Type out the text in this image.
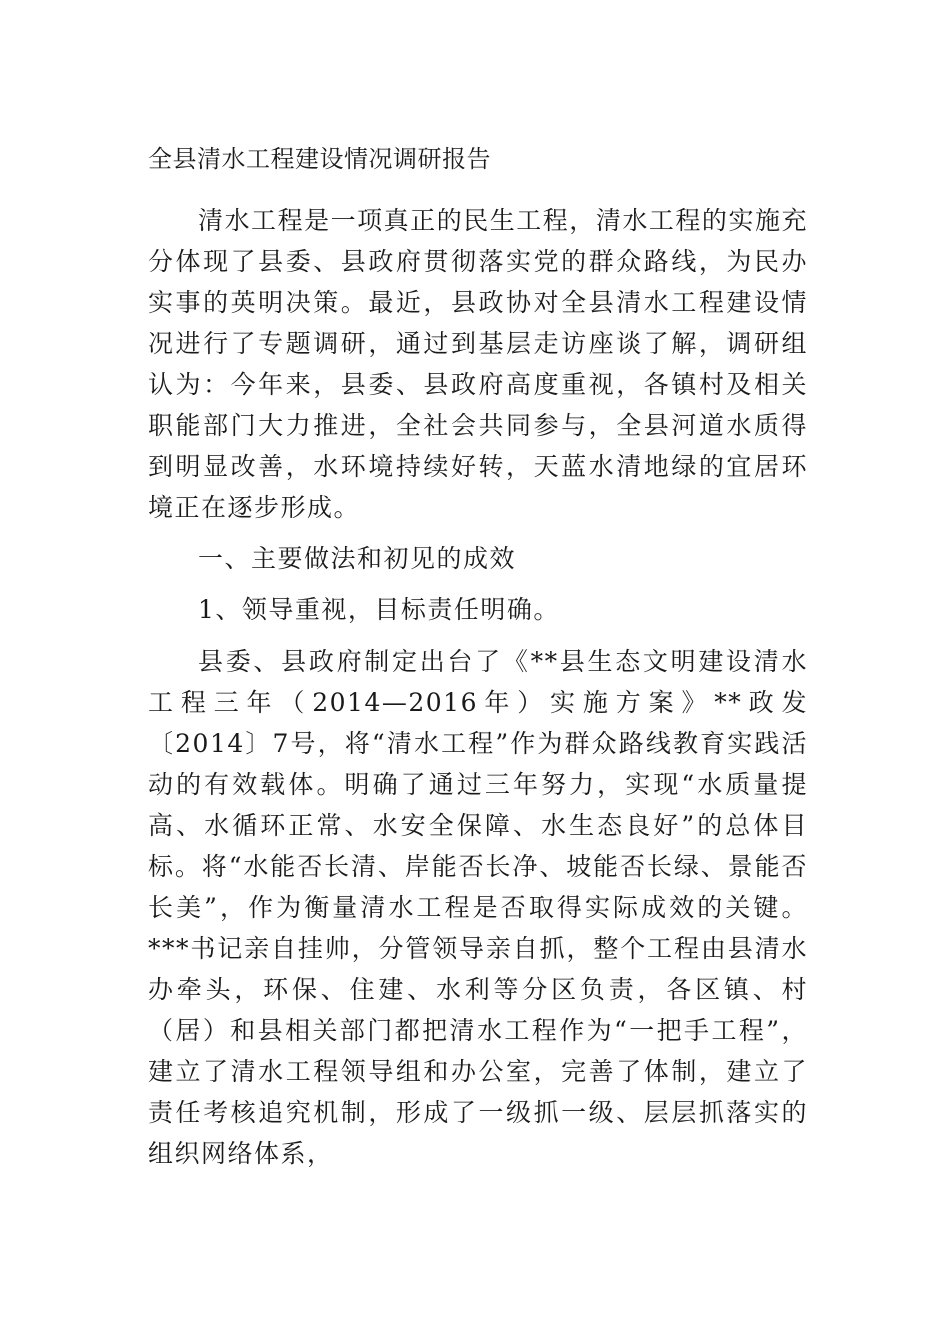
全县清水工程建设情况调研报告

清水工程是一项真正的民生工程，清水工程的实施充分体现了县委、县政府贯彻落实党的群众路线，为民办实事的英明决策。最近，县政协对全县清水工程建设情况进行了专题调研，通过到基层走访座谈了解，调研组认为：今年来，县委、县政府高度重视，各镇村及相关职能部门大力推进，全社会共同参与，全县河道水质得到明显改善，水环境持续好转，天蓝水清地绿的宜居环境正在逐步形成。

一、主要做法和初见的成效

1、领导重视，目标责任明确。

县委、县政府制定出台了《**县生态文明建设清水工程三年（2014—2016年）实施方案》**政发〔2014〕7号，将“清水工程”作为群众路线教育实践活动的有效载体。明确了通过三年努力，实现“水质量提高、水循环正常、水安全保障、水生态良好”的总体目标。将“水能否长清、岸能否长净、坡能否长绿、景能否长美”，作为衡量清水工程是否取得实际成效的关键。***书记亲自挂帅，分管领导亲自抓，整个工程由县清水办牵头，环保、住建、水利等分区负责，各区镇、村（居）和县相关部门都把清水工程作为“一把手工程”，建立了清水工程领导组和办公室，完善了体制，建立了责任考核追究机制，形成了一级抓一级、层层抓落实的组织网络体系，
